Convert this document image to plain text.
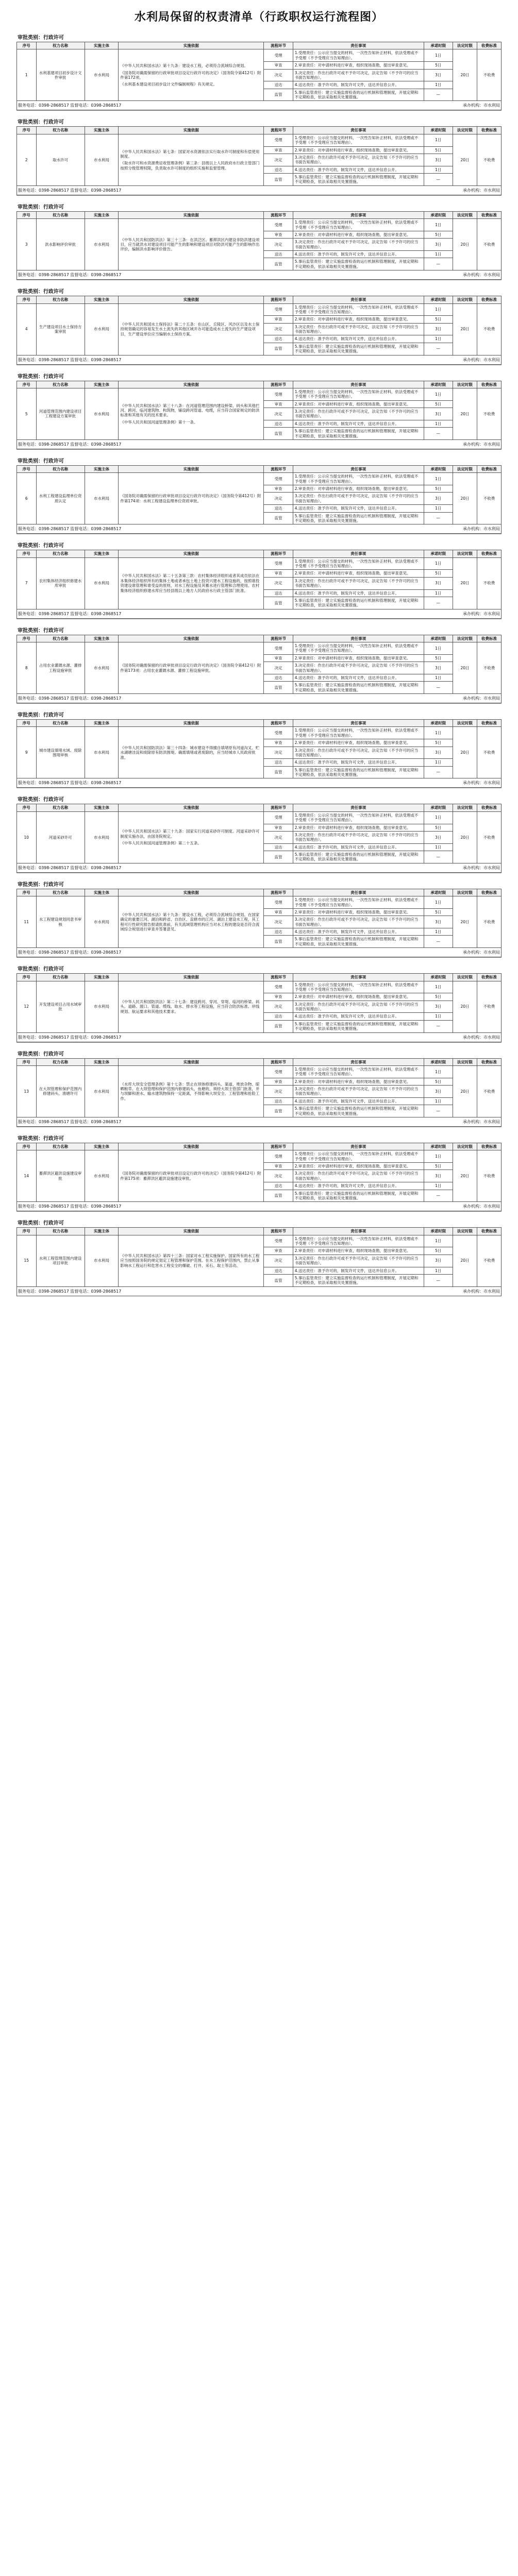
水利局保留的权责清单（行政职权运行流程图）
审批类别：行政许可
序号	权力名称	实施主体	实施依据	流程环节	责任事项	承诺时限	法定时限	收费标准
1	水利基建项目初步设计文件审批	市水利局	《中华人民共和国水法》第十九条：建设水工程，必须符合流域综合规划。
《国务院对确需保留的行政审批项目设定行政许可的决定》（国务院令第412号）附件第172项。
《水利基本建设项目初步设计文件编制规程》有关规定。	受理	1.受理责任：公示应当提交的材料，一次性告知补正材料，依法受理或不予受理（不予受理应当告知理由）。	1日	20日	不收费
				审查	2.审查责任：对申请材料进行审查，组织现场查勘，提出审查意见。	5日		
				决定	3.决定责任：作出行政许可或不予许可决定，法定告知（不予许可的应当书面告知理由）。	3日		
				送达	4.送达责任：准予许可的，制发许可文件，送达并信息公开。	1日		
				监管	5.事后监管责任：建立实施监督检查的运行机制和管理制度，开展定期和不定期检查，依法采取相关处置措施。	—		
服务电话：0398-2868517 监督电话：0398-2868517	承办机构：市水利局
审批类别：行政许可
序号	权力名称	实施主体	实施依据	流程环节	责任事项	承诺时限	法定时限	收费标准
2	取水许可	市水利局	《中华人民共和国水法》第七条：国家对水资源依法实行取水许可制度和有偿使用制度。
《取水许可和水资源费征收管理条例》第三条：县级以上人民政府水行政主管部门按照分级管理权限，负责取水许可制度的组织实施和监督管理。	受理	1.受理责任：公示应当提交的材料，一次性告知补正材料，依法受理或不予受理（不予受理应当告知理由）。	1日	20日	不收费
				审查	2.审查责任：对申请材料进行审查，组织现场查勘，提出审查意见。	5日		
				决定	3.决定责任：作出行政许可或不予许可决定，法定告知（不予许可的应当书面告知理由）。	3日		
				送达	4.送达责任：准予许可的，制发许可文件，送达并信息公开。	1日		
				监管	5.事后监管责任：建立实施监督检查的运行机制和管理制度，开展定期和不定期检查，依法采取相关处置措施。	—		
服务电话：0398-2868517 监督电话：0398-2868517	承办机构：市水利局
审批类别：行政许可
序号	权力名称	实施主体	实施依据	流程环节	责任事项	承诺时限	法定时限	收费标准
3	洪水影响评价审批	市水利局	《中华人民共和国防洪法》第三十三条：在洪泛区、蓄滞洪区内建设非防洪建设项目，应当就洪水对建设项目可能产生的影响和建设项目对防洪可能产生的影响作出评价，编制洪水影响评价报告。	受理	1.受理责任：公示应当提交的材料，一次性告知补正材料，依法受理或不予受理（不予受理应当告知理由）。	1日	20日	不收费
				审查	2.审查责任：对申请材料进行审查，组织现场查勘，提出审查意见。	5日		
				决定	3.决定责任：作出行政许可或不予许可决定，法定告知（不予许可的应当书面告知理由）。	3日		
				送达	4.送达责任：准予许可的，制发许可文件，送达并信息公开。	1日		
				监管	5.事后监管责任：建立实施监督检查的运行机制和管理制度，开展定期和不定期检查，依法采取相关处置措施。	—		
服务电话：0398-2868517 监督电话：0398-2868517	承办机构：市水利局
审批类别：行政许可
序号	权力名称	实施主体	实施依据	流程环节	责任事项	承诺时限	法定时限	收费标准
4	生产建设项目水土保持方案审批	市水利局	《中华人民共和国水土保持法》第二十五条：在山区、丘陵区、风沙区以及水土保持规划确定的容易发生水土流失的其他区域开办可能造成水土流失的生产建设项目，生产建设单位应当编制水土保持方案。	受理	1.受理责任：公示应当提交的材料，一次性告知补正材料，依法受理或不予受理（不予受理应当告知理由）。	1日	20日	不收费
				审查	2.审查责任：对申请材料进行审查，组织现场查勘，提出审查意见。	5日		
				决定	3.决定责任：作出行政许可或不予许可决定，法定告知（不予许可的应当书面告知理由）。	3日		
				送达	4.送达责任：准予许可的，制发许可文件，送达并信息公开。	1日		
				监管	5.事后监管责任：建立实施监督检查的运行机制和管理制度，开展定期和不定期检查，依法采取相关处置措施。	—		
服务电话：0398-2868517 监督电话：0398-2868517	承办机构：市水利局
审批类别：行政许可
序号	权力名称	实施主体	实施依据	流程环节	责任事项	承诺时限	法定时限	收费标准
5	河道管理范围内建设项目工程建设方案审批	市水利局	《中华人民共和国水法》第三十八条：在河道管理范围内建设桥梁、码头和其他拦河、跨河、临河建筑物、构筑物，铺设跨河管道、电缆，应当符合国家规定的防洪标准和其他有关的技术要求。
《中华人民共和国河道管理条例》第十一条。	受理	1.受理责任：公示应当提交的材料，一次性告知补正材料，依法受理或不予受理（不予受理应当告知理由）。	1日	20日	不收费
				审查	2.审查责任：对申请材料进行审查，组织现场查勘，提出审查意见。	5日		
				决定	3.决定责任：作出行政许可或不予许可决定，法定告知（不予许可的应当书面告知理由）。	3日		
				送达	4.送达责任：准予许可的，制发许可文件，送达并信息公开。	1日		
				监管	5.事后监管责任：建立实施监督检查的运行机制和管理制度，开展定期和不定期检查，依法采取相关处置措施。	—		
服务电话：0398-2868517 监督电话：0398-2868517	承办机构：市水利局
审批类别：行政许可
序号	权力名称	实施主体	实施依据	流程环节	责任事项	承诺时限	法定时限	收费标准
6	水利工程建设监理单位资质认定	市水利局	《国务院对确需保留的行政审批项目设定行政许可的决定》（国务院令第412号）附件第174项：水利工程建设监理单位资质审批。	受理	1.受理责任：公示应当提交的材料，一次性告知补正材料，依法受理或不予受理（不予受理应当告知理由）。	1日	20日	不收费
				审查	2.审查责任：对申请材料进行审查，组织现场查勘，提出审查意见。	5日		
				决定	3.决定责任：作出行政许可或不予许可决定，法定告知（不予许可的应当书面告知理由）。	3日		
				送达	4.送达责任：准予许可的，制发许可文件，送达并信息公开。	1日		
				监管	5.事后监管责任：建立实施监督检查的运行机制和管理制度，开展定期和不定期检查，依法采取相关处置措施。	—		
服务电话：0398-2868517 监督电话：0398-2868517	承办机构：市水利局
审批类别：行政许可
序号	权力名称	实施主体	实施依据	流程环节	责任事项	承诺时限	法定时限	收费标准
7	农村集体经济组织修建水库审批	市水利局	《中华人民共和国水法》第二十五条第三款：农村集体经济组织或者其成员依法在本集体经济组织所有的集体土地或者承包土地上投资兴建水工程设施的，按照谁投资建设谁管理和谁受益的原则，对水工程设施及其蓄水进行管理和合理使用。农村集体经济组织修建水库应当经县级以上地方人民政府水行政主管部门批准。	受理	1.受理责任：公示应当提交的材料，一次性告知补正材料，依法受理或不予受理（不予受理应当告知理由）。	1日	20日	不收费
				审查	2.审查责任：对申请材料进行审查，组织现场查勘，提出审查意见。	5日		
				决定	3.决定责任：作出行政许可或不予许可决定，法定告知（不予许可的应当书面告知理由）。	3日		
				送达	4.送达责任：准予许可的，制发许可文件，送达并信息公开。	1日		
				监管	5.事后监管责任：建立实施监督检查的运行机制和管理制度，开展定期和不定期检查，依法采取相关处置措施。	—		
服务电话：0398-2868517 监督电话：0398-2868517	承办机构：市水利局
审批类别：行政许可
序号	权力名称	实施主体	实施依据	流程环节	责任事项	承诺时限	法定时限	收费标准
8	占用农业灌溉水源、灌排工程设施审批	市水利局	《国务院对确需保留的行政审批项目设定行政许可的决定》（国务院令第412号）附件第173项：占用农业灌溉水源、灌排工程设施审批。	受理	1.受理责任：公示应当提交的材料，一次性告知补正材料，依法受理或不予受理（不予受理应当告知理由）。	1日	20日	不收费
				审查	2.审查责任：对申请材料进行审查，组织现场查勘，提出审查意见。	5日		
				决定	3.决定责任：作出行政许可或不予许可决定，法定告知（不予许可的应当书面告知理由）。	3日		
				送达	4.送达责任：准予许可的，制发许可文件，送达并信息公开。	1日		
				监管	5.事后监管责任：建立实施监督检查的运行机制和管理制度，开展定期和不定期检查，依法采取相关处置措施。	—		
服务电话：0398-2868517 监督电话：0398-2868517	承办机构：市水利局
审批类别：行政许可
序号	权力名称	实施主体	实施依据	流程环节	责任事项	承诺时限	法定时限	收费标准
9	城市建设填堵水域、废除围堤审核	市水利局	《中华人民共和国防洪法》第三十四条：城市建设不得擅自填堵原有河道沟叉、贮水湖塘洼淀和废除原有防洪围堤。确需填堵或者废除的，应当经城市人民政府批准。	受理	1.受理责任：公示应当提交的材料，一次性告知补正材料，依法受理或不予受理（不予受理应当告知理由）。	1日	20日	不收费
				审查	2.审查责任：对申请材料进行审查，组织现场查勘，提出审查意见。	5日		
				决定	3.决定责任：作出行政许可或不予许可决定，法定告知（不予许可的应当书面告知理由）。	3日		
				送达	4.送达责任：准予许可的，制发许可文件，送达并信息公开。	1日		
				监管	5.事后监管责任：建立实施监督检查的运行机制和管理制度，开展定期和不定期检查，依法采取相关处置措施。	—		
服务电话：0398-2868517 监督电话：0398-2868517	承办机构：市水利局
审批类别：行政许可
序号	权力名称	实施主体	实施依据	流程环节	责任事项	承诺时限	法定时限	收费标准
10	河道采砂许可	市水利局	《中华人民共和国水法》第三十九条：国家实行河道采砂许可制度。河道采砂许可制度实施办法，由国务院规定。
《中华人民共和国河道管理条例》第二十五条。	受理	1.受理责任：公示应当提交的材料，一次性告知补正材料，依法受理或不予受理（不予受理应当告知理由）。	1日	20日	不收费
				审查	2.审查责任：对申请材料进行审查，组织现场查勘，提出审查意见。	5日		
				决定	3.决定责任：作出行政许可或不予许可决定，法定告知（不予许可的应当书面告知理由）。	3日		
				送达	4.送达责任：准予许可的，制发许可文件，送达并信息公开。	1日		
				监管	5.事后监管责任：建立实施监督检查的运行机制和管理制度，开展定期和不定期检查，依法采取相关处置措施。	—		
服务电话：0398-2868517 监督电话：0398-2868517	承办机构：市水利局
审批类别：行政许可
序号	权力名称	实施主体	实施依据	流程环节	责任事项	承诺时限	法定时限	收费标准
11	水工程建设规划同意书审核	市水利局	《中华人民共和国水法》第十九条：建设水工程，必须符合流域综合规划。在国家确定的重要江河、湖泊和跨省、自治区、直辖市的江河、湖泊上建设水工程，其工程可行性研究报告报请批准前，有关流域管理机构应当对水工程的建设是否符合流域综合规划进行审查并签署意见。	受理	1.受理责任：公示应当提交的材料，一次性告知补正材料，依法受理或不予受理（不予受理应当告知理由）。	1日	20日	不收费
				审查	2.审查责任：对申请材料进行审查，组织现场查勘，提出审查意见。	5日		
				决定	3.决定责任：作出行政许可或不予许可决定，法定告知（不予许可的应当书面告知理由）。	3日		
				送达	4.送达责任：准予许可的，制发许可文件，送达并信息公开。	1日		
				监管	5.事后监管责任：建立实施监督检查的运行机制和管理制度，开展定期和不定期检查，依法采取相关处置措施。	—		
服务电话：0398-2868517 监督电话：0398-2868517	承办机构：市水利局
审批类别：行政许可
序号	权力名称	实施主体	实施依据	流程环节	责任事项	承诺时限	法定时限	收费标准
12	开发建设项目占用水域审批	市水利局	《中华人民共和国防洪法》第二十七条：建设跨河、穿河、穿堤、临河的桥梁、码头、道路、渡口、管道、缆线、取水、排水等工程设施，应当符合防洪标准、岸线规划、航运要求和其他技术要求。	受理	1.受理责任：公示应当提交的材料，一次性告知补正材料，依法受理或不予受理（不予受理应当告知理由）。	1日	20日	不收费
				审查	2.审查责任：对申请材料进行审查，组织现场查勘，提出审查意见。	5日		
				决定	3.决定责任：作出行政许可或不予许可决定，法定告知（不予许可的应当书面告知理由）。	3日		
				送达	4.送达责任：准予许可的，制发许可文件，送达并信息公开。	1日		
				监管	5.事后监管责任：建立实施监督检查的运行机制和管理制度，开展定期和不定期检查，依法采取相关处置措施。	—		
服务电话：0398-2868517 监督电话：0398-2868517	承办机构：市水利局
审批类别：行政许可
序号	权力名称	实施主体	实施依据	流程环节	责任事项	承诺时限	法定时限	收费标准
13	在大坝管理和保护范围内修建码头、渔塘许可	市水利局	《水库大坝安全管理条例》第十七条：禁止在坝体修建码头、渠道、堆放杂物、晾晒粮草。在大坝管理和保护范围内修建码头、鱼塘的，须经大坝主管部门批准，并与坝脚和泄水、输水建筑物保持一定距离，不得影响大坝安全、工程管理和抢险工作。	受理	1.受理责任：公示应当提交的材料，一次性告知补正材料，依法受理或不予受理（不予受理应当告知理由）。	1日	20日	不收费
				审查	2.审查责任：对申请材料进行审查，组织现场查勘，提出审查意见。	5日		
				决定	3.决定责任：作出行政许可或不予许可决定，法定告知（不予许可的应当书面告知理由）。	3日		
				送达	4.送达责任：准予许可的，制发许可文件，送达并信息公开。	1日		
				监管	5.事后监管责任：建立实施监督检查的运行机制和管理制度，开展定期和不定期检查，依法采取相关处置措施。	—		
服务电话：0398-2868517 监督电话：0398-2868517	承办机构：市水利局
审批类别：行政许可
序号	权力名称	实施主体	实施依据	流程环节	责任事项	承诺时限	法定时限	收费标准
14	蓄滞洪区避洪设施建设审批	市水利局	《国务院对确需保留的行政审批项目设定行政许可的决定》（国务院令第412号）附件第175项：蓄滞洪区避洪设施建设审批。	受理	1.受理责任：公示应当提交的材料，一次性告知补正材料，依法受理或不予受理（不予受理应当告知理由）。	1日	20日	不收费
				审查	2.审查责任：对申请材料进行审查，组织现场查勘，提出审查意见。	5日		
				决定	3.决定责任：作出行政许可或不予许可决定，法定告知（不予许可的应当书面告知理由）。	3日		
				送达	4.送达责任：准予许可的，制发许可文件，送达并信息公开。	1日		
				监管	5.事后监管责任：建立实施监督检查的运行机制和管理制度，开展定期和不定期检查，依法采取相关处置措施。	—		
服务电话：0398-2868517 监督电话：0398-2868517	承办机构：市水利局
审批类别：行政许可
序号	权力名称	实施主体	实施依据	流程环节	责任事项	承诺时限	法定时限	收费标准
15	水利工程管理范围内建设项目审批	市水利局	《中华人民共和国水法》第四十三条：国家对水工程实施保护。国家所有的水工程应当按照国务院的规定划定工程管理和保护范围。在水工程保护范围内，禁止从事影响水工程运行和危害水工程安全的爆破、打井、采石、取土等活动。	受理	1.受理责任：公示应当提交的材料，一次性告知补正材料，依法受理或不予受理（不予受理应当告知理由）。	1日	20日	不收费
				审查	2.审查责任：对申请材料进行审查，组织现场查勘，提出审查意见。	5日		
				决定	3.决定责任：作出行政许可或不予许可决定，法定告知（不予许可的应当书面告知理由）。	3日		
				送达	4.送达责任：准予许可的，制发许可文件，送达并信息公开。	1日		
				监管	5.事后监管责任：建立实施监督检查的运行机制和管理制度，开展定期和不定期检查，依法采取相关处置措施。	—		
服务电话：0398-2868517 监督电话：0398-2868517	承办机构：市水利局
